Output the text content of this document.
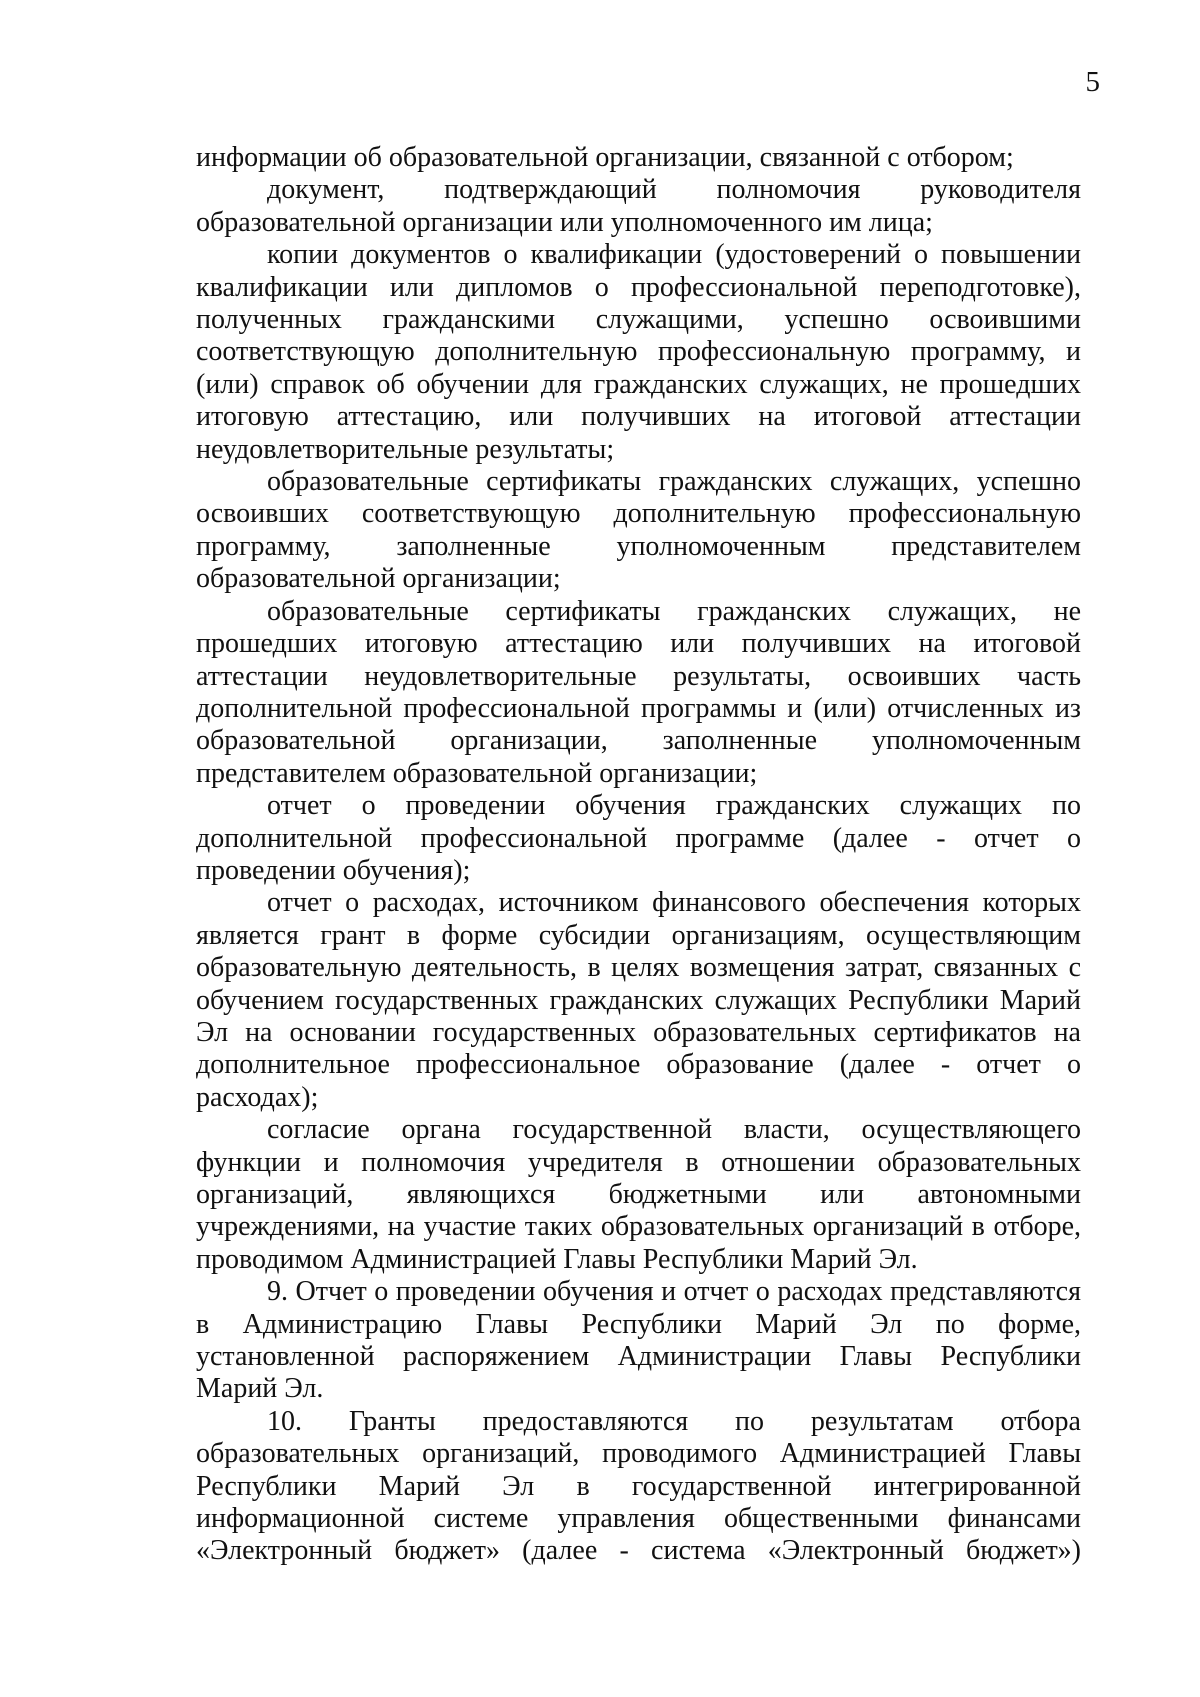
5

информации об образовательной организации, связанной с отбором;

документ, подтверждающий полномочия руководителя образовательной организации или уполномоченного им лица;

копии документов о квалификации (удостоверений о повышении квалификации или дипломов о профессиональной переподготовке), полученных гражданскими служащими, успешно освоившими соответствующую дополнительную профессиональную программу, и (или) справок об обучении для гражданских служащих, не прошедших итоговую аттестацию, или получивших на итоговой аттестации неудовлетворительные результаты;

образовательные сертификаты гражданских служащих, успешно освоивших соответствующую дополнительную профессиональную программу, заполненные уполномоченным представителем образовательной организации;

образовательные сертификаты гражданских служащих, не прошедших итоговую аттестацию или получивших на итоговой аттестации неудовлетворительные результаты, освоивших часть дополнительной профессиональной программы и (или) отчисленных из образовательной организации, заполненные уполномоченным представителем образовательной организации;

отчет о проведении обучения гражданских служащих по дополнительной профессиональной программе (далее - отчет о проведении обучения);

отчет о расходах, источником финансового обеспечения которых является грант в форме субсидии организациям, осуществляющим образовательную деятельность, в целях возмещения затрат, связанных с обучением государственных гражданских служащих Республики Марий Эл на основании государственных образовательных сертификатов на дополнительное профессиональное образование (далее - отчет о расходах);

согласие органа государственной власти, осуществляющего функции и полномочия учредителя в отношении образовательных организаций, являющихся бюджетными или автономными учреждениями, на участие таких образовательных организаций в отборе, проводимом Администрацией Главы Республики Марий Эл.

9. Отчет о проведении обучения и отчет о расходах представляются в Администрацию Главы Республики Марий Эл по форме, установленной распоряжением Администрации Главы Республики Марий Эл.

10. Гранты предоставляются по результатам отбора образовательных организаций, проводимого Администрацией Главы Республики Марий Эл в государственной интегрированной информационной системе управления общественными финансами «Электронный бюджет» (далее - система «Электронный бюджет»)
